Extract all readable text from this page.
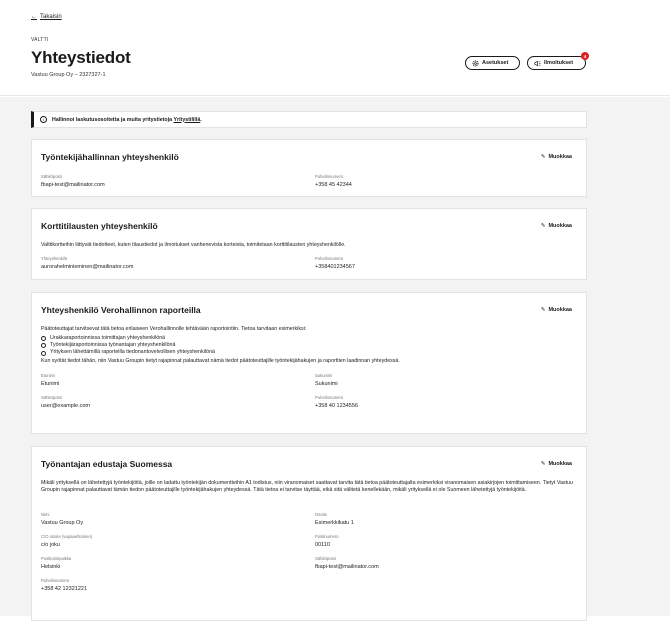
← Takaisin
VALTTI
Yhteystiedot
Vastuu Group Oy – 2327327-1
Asetukset	Ilmoitukset
4
i	Hallinnoi laskutusosoitetta ja muita yritystietoja Yritystilillä.
Työntekijähallinnan yhteyshenkilö	✎ Muokkaa
Sähköposti
fbapi-test@mailinator.com
Puhelinnumero
+358 45 42344
Korttitilausten yhteyshenkilö	✎ Muokkaa
Valttikortteihin liittyvät tiedotteet, kuten tilaustiedot ja ilmoitukset vanhenevista korteista, toimitetaan korttitilausten yhteyshenkilölle.
Yhteyshenkilö
aurorahelminieminen@mailinator.com
Puhelinnumero
+358401234567
Yhteyshenkilö Verohallinnon raporteilla	✎ Muokkaa
Päätoteuttajat tarvitsevat tätä tietoa erilaiseen Verohallinnolle tehtävään raportointiin. Tietoa tarvitaan esimerkiksi:
Urakkaraportoinnissa toimittajan yhteyshenkilönä
Työntekijäraportoinnissa työnantajan yhteyshenkilönä
Yrityksen lähettämillä raporteilla tiedonantovelvollisen yhteyshenkilönä
Kun syötät tiedot tähän, niin Vastuu Groupin tietyt rajapinnat palauttavat nämä tiedot päätoteuttajille työntekijähakujen ja raporttien laadinnan yhteydessä.
Etunimi
Etunimi
Sukunimi
Sukunimi
Sähköposti
user@example.com
Puhelinnumero
+358 40 1234556
Työnantajan edustaja Suomessa	✎ Muokkaa
Mikäli yrityksellä on lähetettyjä työntekijöitä, joille on ladattu työntekijän dokumentteihin A1 todistus, niin viranomaiset saattavat tarvita tätä tietoa päätoteuttajalta esimerkiksi viranomaisen asiakirjojen toimittamiseen. Tietyt Vastuu Groupin rajapinnat palauttavat tämän tiedon päätoteuttajille työntekijähakujen yhteydessä. Tätä tietoa ei tarvitse täyttää, eikä sitä välitetä kenellekään, mikäli yrityksellä ei ole Suomeen lähetettyjä työntekijöitä.
Nimi
Vastuu Group Oy
Osoite
Esimerkkikatu 1
C/O osoite (vapaaehtoinen)
c/o joku
Postinumero
00110
Postitoimipaikka
Helsinki
Sähköposti
fbapi-test@mailinator.com
Puhelinnumero
+358 42 12321221
